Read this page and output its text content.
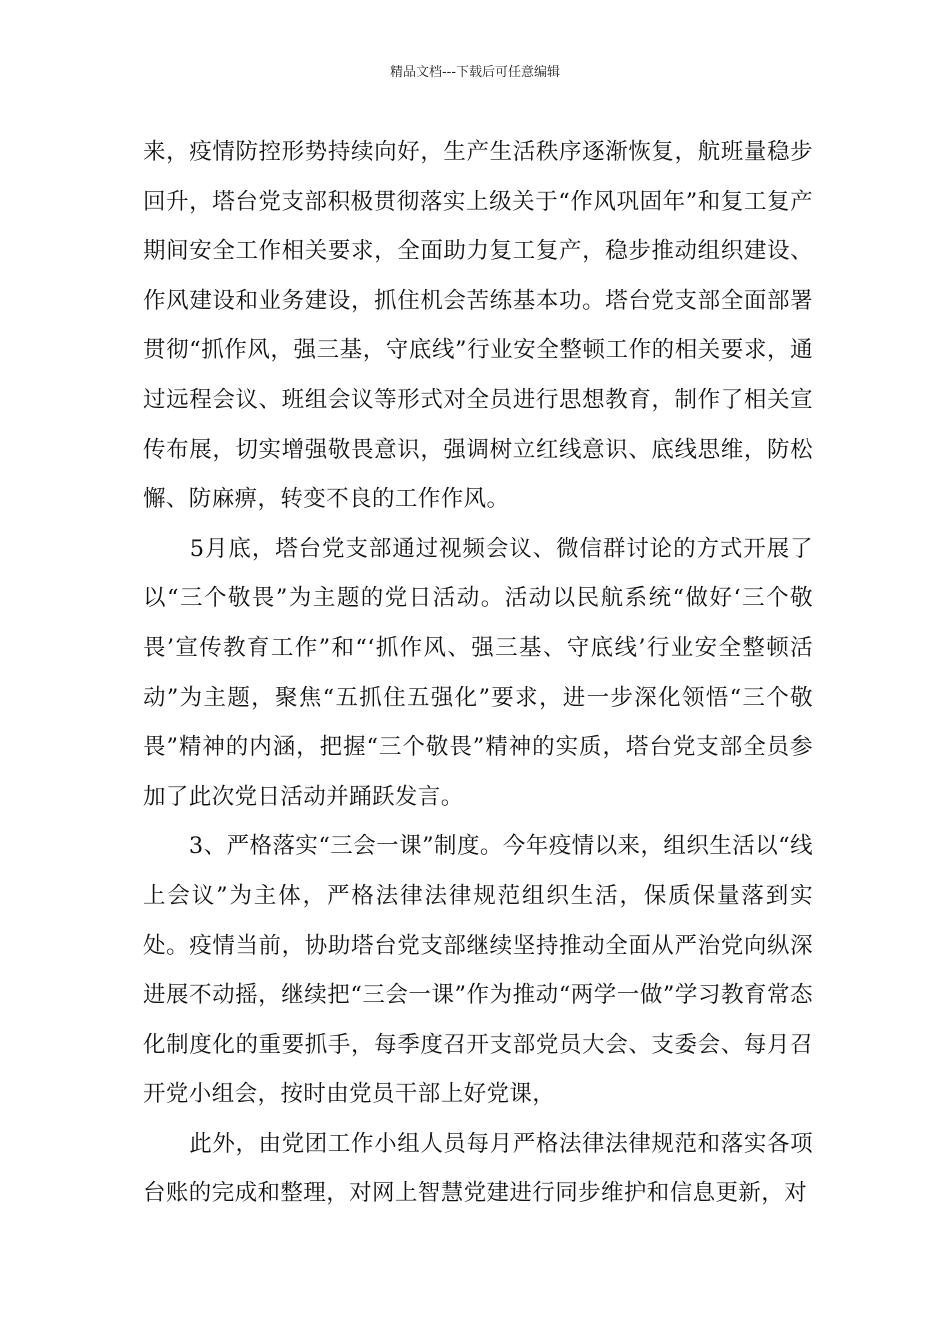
精品文档---下载后可任意编辑

来，疫情防控形势持续向好，生产生活秩序逐渐恢复，航班量稳步回升，塔台党支部积极贯彻落实上级关于“作风巩固年”和复工复产期间安全工作相关要求，全面助力复工复产，稳步推动组织建设、作风建设和业务建设，抓住机会苦练基本功。塔台党支部全面部署贯彻“抓作风，强三基，守底线”行业安全整顿工作的相关要求，通过远程会议、班组会议等形式对全员进行思想教育，制作了相关宣传布展，切实增强敬畏意识，强调树立红线意识、底线思维，防松懈、防麻痹，转变不良的工作作风。

　　5月底，塔台党支部通过视频会议、微信群讨论的方式开展了以“三个敬畏”为主题的党日活动。活动以民航系统“做好‘三个敬畏’宣传教育工作”和“‘抓作风、强三基、守底线’行业安全整顿活动”为主题，聚焦“五抓住五强化”要求，进一步深化领悟“三个敬畏”精神的内涵，把握“三个敬畏”精神的实质，塔台党支部全员参加了此次党日活动并踊跃发言。

　　3、严格落实“三会一课”制度。今年疫情以来，组织生活以“线上会议”为主体，严格法律法律规范组织生活，保质保量落到实处。疫情当前，协助塔台党支部继续坚持推动全面从严治党向纵深进展不动摇，继续把“三会一课”作为推动“两学一做”学习教育常态化制度化的重要抓手，每季度召开支部党员大会、支委会、每月召开党小组会，按时由党员干部上好党课，

　　此外，由党团工作小组人员每月严格法律法律规范和落实各项台账的完成和整理，对网上智慧党建进行同步维护和信息更新，对
